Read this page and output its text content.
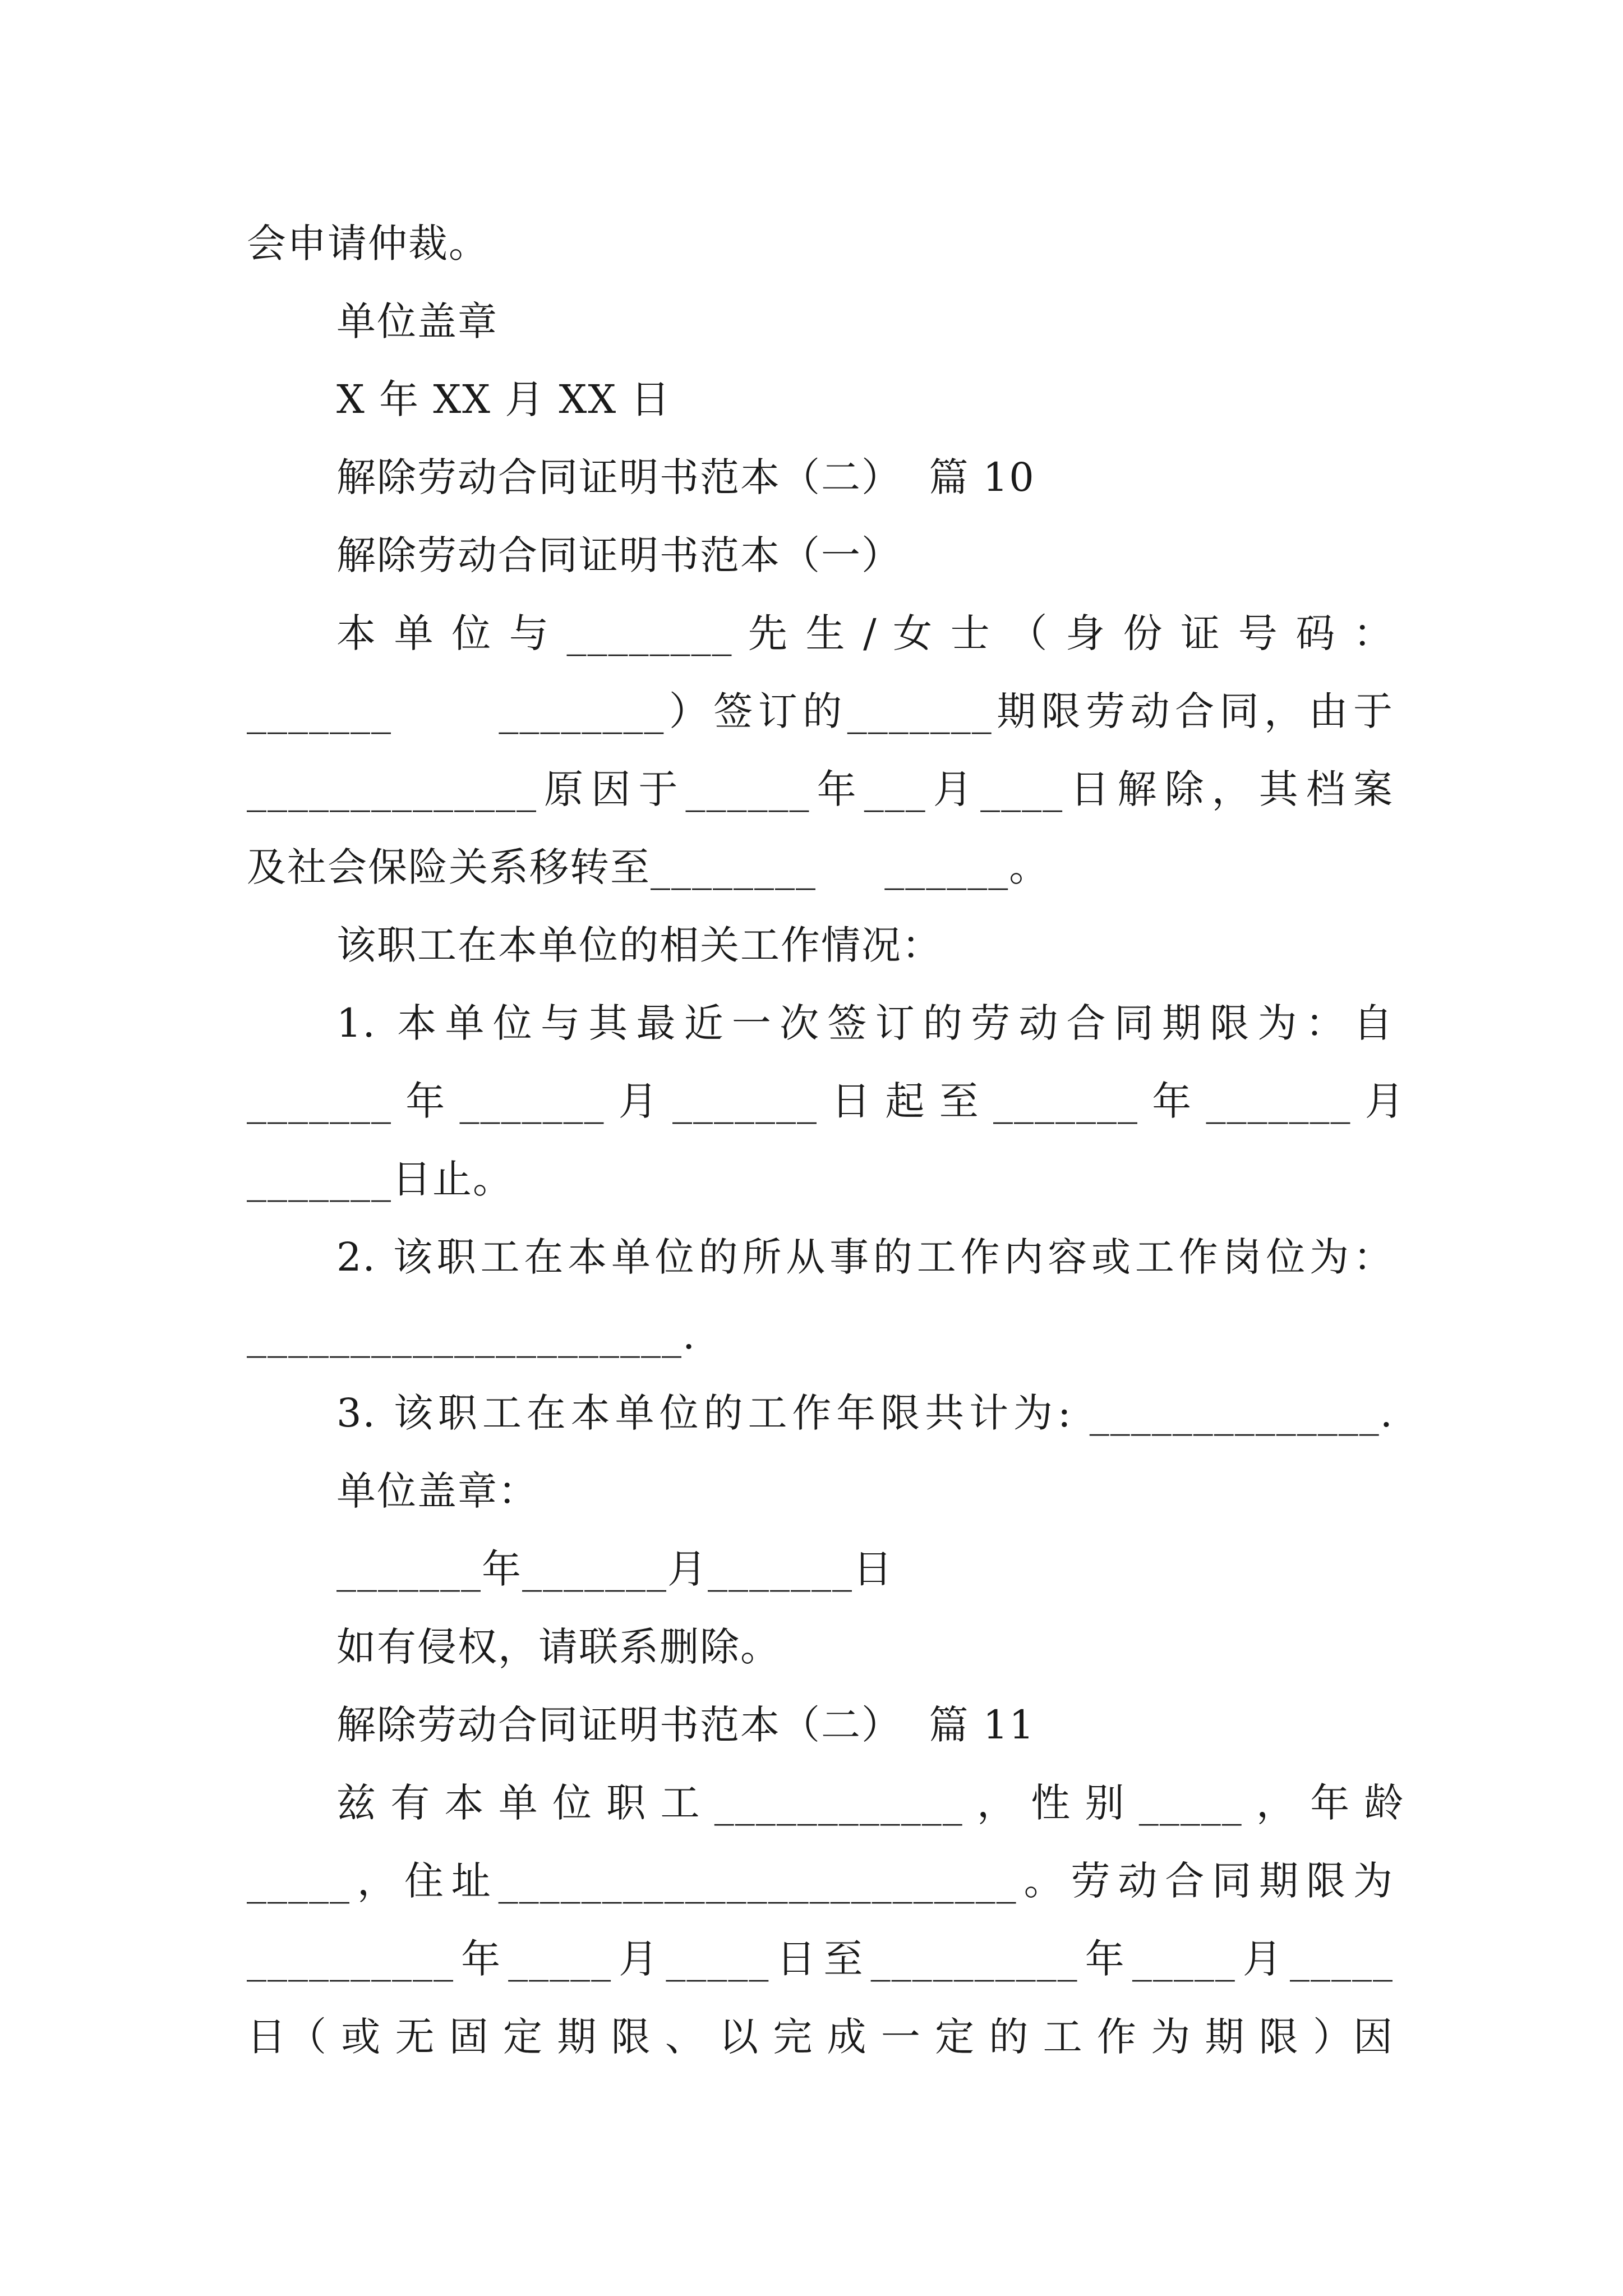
会申请仲裁。
单位盖章
X 年 XX 月 XX 日
解除劳动合同证明书范本（二）  篇 10
解除劳动合同证明书范本（一）
本 单 位 与 ________ 先 生 / 女 士 （ 身 份 证 号 码 ：
_______      ________）签订的_______期限劳动合同，由于
______________原因于______年___月____日解除，其档案
及社会保险关系移转至________     ______。
该职工在本单位的相关工作情况：
1. 本单位与其最近一次签订的劳动合同期限为：自
_______ 年 _______ 月 _______ 日 起 至 _______ 年 _______ 月
_______日止。
2. 该职工在本单位的所从事的工作内容或工作岗位为：
_____________________.
3. 该职工在本单位的工作年限共计为: ______________.
单位盖章：
_______年_______月_______日
如有侵权，请联系删除。
解除劳动合同证明书范本（二）  篇 11
兹 有 本 单 位 职 工 ____________ ， 性 别 _____ ， 年 龄
_____，住址_________________________。劳动合同期限为
__________年_____月_____日至__________年_____月_____
日（ 或 无 固 定 期 限 、 以 完 成 一 定 的 工 作 为 期 限 ）因
